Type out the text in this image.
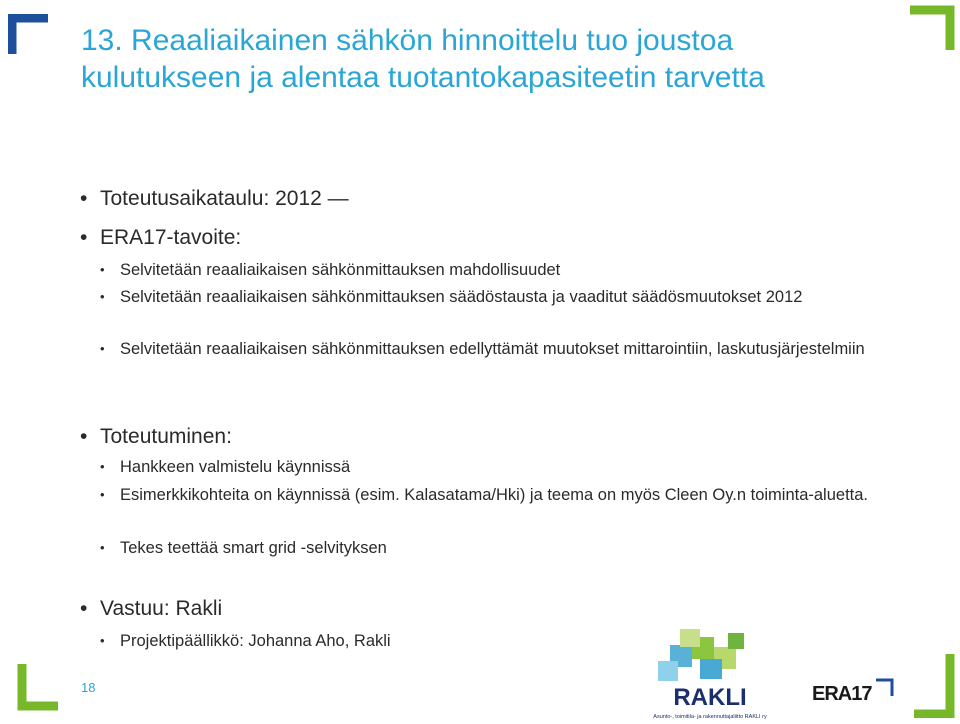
13. Reaaliaikainen sähkön hinnoittelu tuo joustoa kulutukseen ja alentaa tuotantokapasiteetin tarvetta
• Toteutusaikataulu: 2012 —
• ERA17-tavoite:
• Selvitetään reaaliaikaisen sähkönmittauksen mahdollisuudet
• Selvitetään reaaliaikaisen sähkönmittauksen säädöstausta ja vaaditut säädösmuutokset 2012
• Selvitetään reaaliaikaisen sähkönmittauksen edellyttämät muutokset mittarointiin, laskutusjärjestelmiin
• Toteutuminen:
• Hankkeen valmistelu käynnissä
• Esimerkkikohteita on käynnissä (esim. Kalasatama/Hki) ja teema on myös Cleen Oy.n toiminta-aluetta.
• Tekes teettää smart grid -selvityksen
• Vastuu: Rakli
• Projektipäällikkö: Johanna Aho, Rakli
18	RAKLI
Asunto-, toimitila- ja rakennuttajaliitto RAKLI ry
ERA17
